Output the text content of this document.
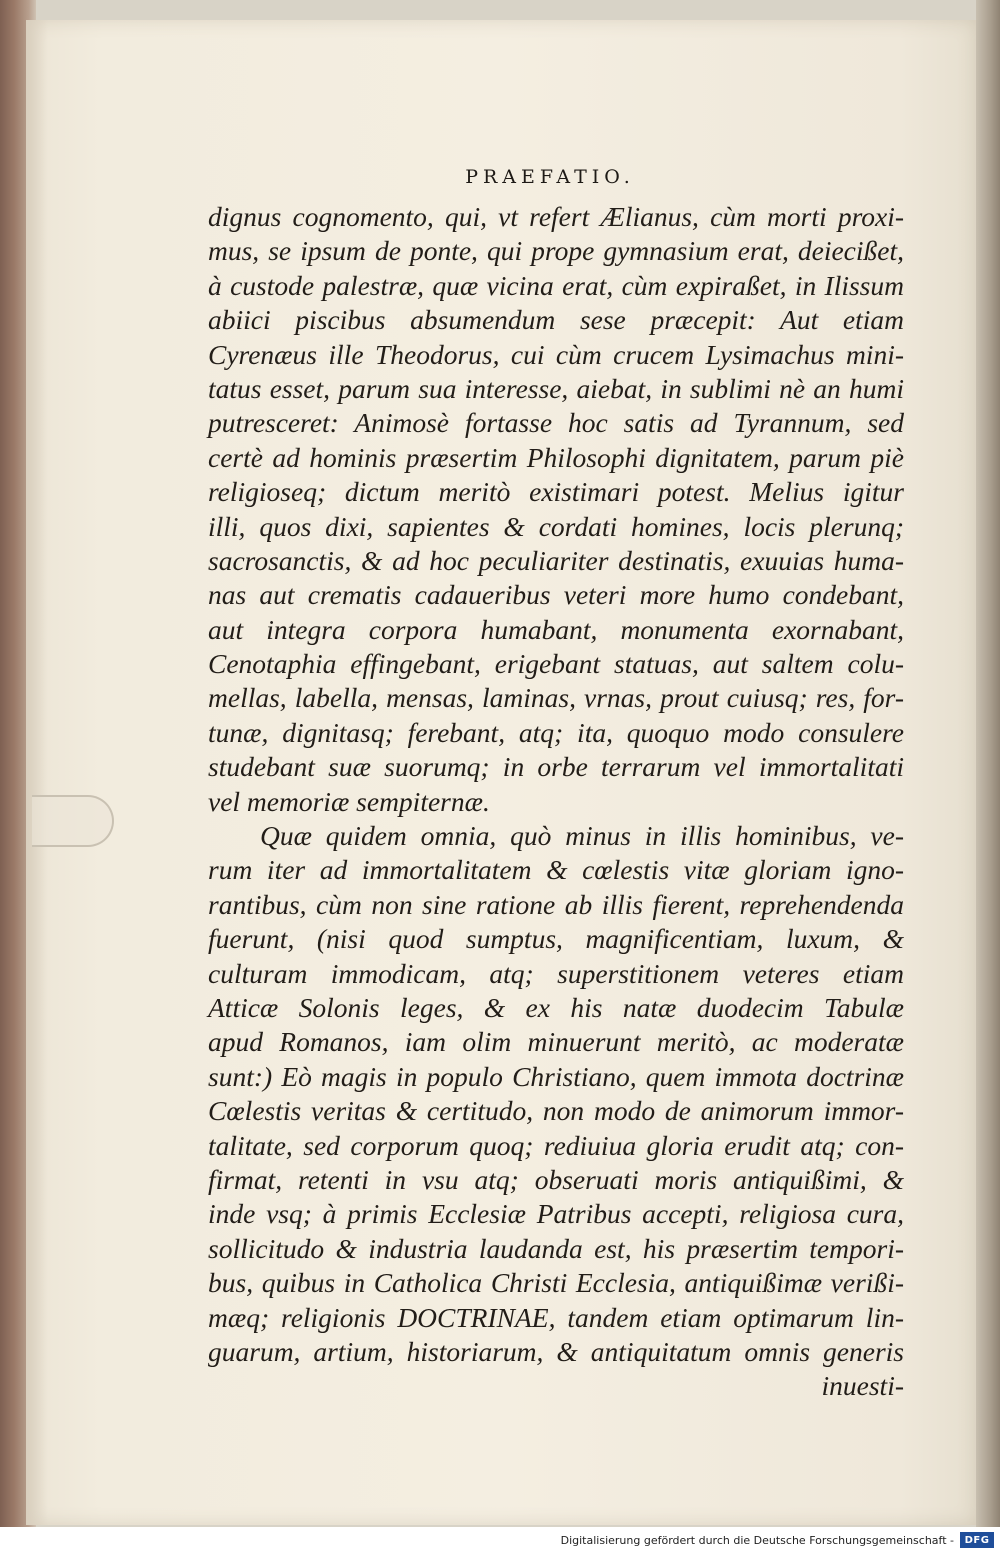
PRAEFATIO.
dignus cognomento, qui, vt refert Ælianus, cùm morti proxi-
mus, se ipsum de ponte, qui prope gymnasium erat, deiecißet,
à custode palestræ, quæ vicina erat, cùm expiraßet, in Ilissum
abiici piscibus absumendum sese præcepit: Aut etiam
Cyrenæus ille Theodorus, cui cùm crucem Lysimachus mini-
tatus esset, parum sua interesse, aiebat, in sublimi nè an humi
putresceret: Animosè fortasse hoc satis ad Tyrannum, sed
certè ad hominis præsertim Philosophi dignitatem, parum piè
religioseq; dictum meritò existimari potest. Melius igitur
illi, quos dixi, sapientes & cordati homines, locis plerunq;
sacrosanctis, & ad hoc peculiariter destinatis, exuuias huma-
nas aut crematis cadaueribus veteri more humo condebant,
aut integra corpora humabant, monumenta exornabant,
Cenotaphia effingebant, erigebant statuas, aut saltem colu-
mellas, labella, mensas, laminas, vrnas, prout cuiusq; res, for-
tunæ, dignitasq; ferebant, atq; ita, quoquo modo consulere
studebant suæ suorumq; in orbe terrarum vel immortalitati
vel memoriæ sempiternæ.
Quæ quidem omnia, quò minus in illis hominibus, ve-
rum iter ad immortalitatem & cœlestis vitæ gloriam igno-
rantibus, cùm non sine ratione ab illis fierent, reprehendenda
fuerunt, (nisi quod sumptus, magnificentiam, luxum, &
culturam immodicam, atq; superstitionem veteres etiam
Atticæ Solonis leges, & ex his natæ duodecim Tabulæ
apud Romanos, iam olim minuerunt meritò, ac moderatæ
sunt:) Eò magis in populo Christiano, quem immota doctrinæ
Cœlestis veritas & certitudo, non modo de animorum immor-
talitate, sed corporum quoq; rediuiua gloria erudit atq; con-
firmat, retenti in vsu atq; obseruati moris antiquißimi, &
inde vsq; à primis Ecclesiæ Patribus accepti, religiosa cura,
sollicitudo & industria laudanda est, his præsertim tempori-
bus, quibus in Catholica Christi Ecclesia, antiquißimæ verißi-
mæq; religionis DOCTRINAE, tandem etiam optimarum lin-
guarum, artium, historiarum, & antiquitatum omnis generis
inuesti-
Digitalisierung gefördert durch die Deutsche Forschungsgemeinschaft -	DFG
